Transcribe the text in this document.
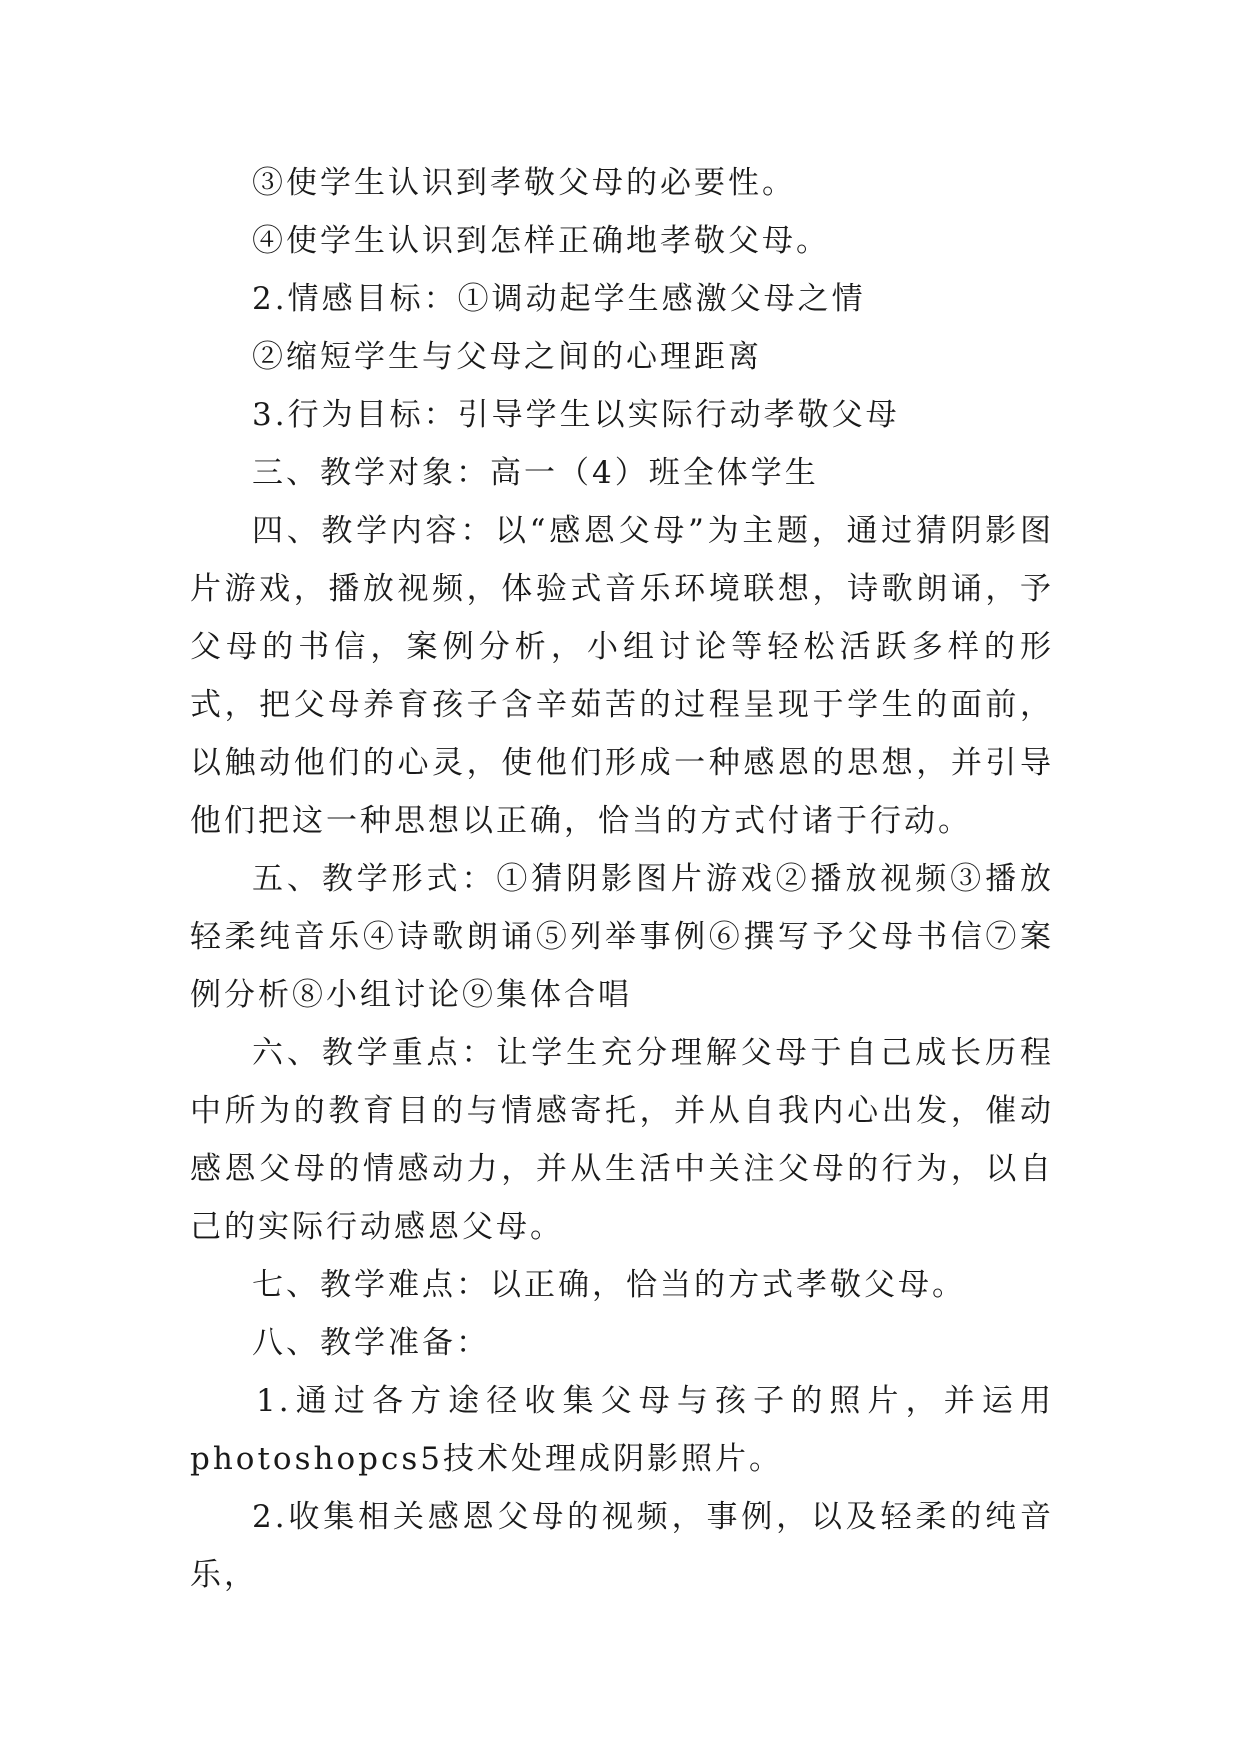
③使学生认识到孝敬父母的必要性。

④使学生认识到怎样正确地孝敬父母。

2.情感目标：①调动起学生感激父母之情

②缩短学生与父母之间的心理距离

3.行为目标：引导学生以实际行动孝敬父母

三、教学对象：高一（4）班全体学生

四、教学内容：以“感恩父母”为主题，通过猜阴影图片游戏，播放视频，体验式音乐环境联想，诗歌朗诵，予父母的书信，案例分析，小组讨论等轻松活跃多样的形式，把父母养育孩子含辛茹苦的过程呈现于学生的面前，以触动他们的心灵，使他们形成一种感恩的思想，并引导他们把这一种思想以正确，恰当的方式付诸于行动。

五、教学形式：①猜阴影图片游戏②播放视频③播放轻柔纯音乐④诗歌朗诵⑤列举事例⑥撰写予父母书信⑦案例分析⑧小组讨论⑨集体合唱

六、教学重点：让学生充分理解父母于自己成长历程中所为的教育目的与情感寄托，并从自我内心出发，催动感恩父母的情感动力，并从生活中关注父母的行为，以自己的实际行动感恩父母。

七、教学难点：以正确，恰当的方式孝敬父母。

八、教学准备：

1.通过各方途径收集父母与孩子的照片，并运用photoshopcs5技术处理成阴影照片。

2.收集相关感恩父母的视频，事例，以及轻柔的纯音乐，
